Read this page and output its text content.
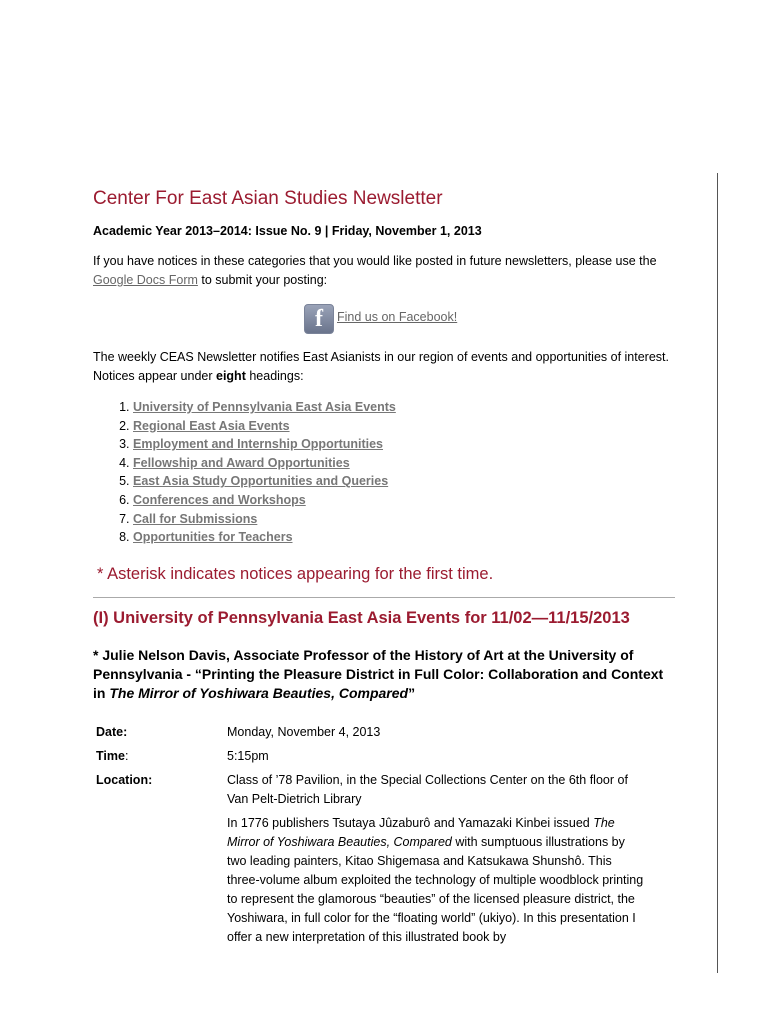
Center For East Asian Studies Newsletter
Academic Year 2013–2014: Issue No. 9 | Friday, November 1, 2013

If you have notices in these categories that you would like posted in future newsletters, please use the Google Docs Form to submit your posting:

f Find us on Facebook!

The weekly CEAS Newsletter notifies East Asianists in our region of events and opportunities of interest. Notices appear under eight headings:

1. University of Pennsylvania East Asia Events
2. Regional East Asia Events
3. Employment and Internship Opportunities
4. Fellowship and Award Opportunities
5. East Asia Study Opportunities and Queries
6. Conferences and Workshops
7. Call for Submissions
8. Opportunities for Teachers
* Asterisk indicates notices appearing for the first time.
(I) University of Pennsylvania East Asia Events for 11/02—11/15/2013
* Julie Nelson Davis, Associate Professor of the History of Art at the University of Pennsylvania - “Printing the Pleasure District in Full Color: Collaboration and Context in The Mirror of Yoshiwara Beauties, Compared”
Date:	Monday, November 4, 2013
Time:	5:15pm
Location:	Class of ’78 Pavilion, in the Special Collections Center on the 6th floor of Van Pelt-Dietrich Library
	In 1776 publishers Tsutaya Jûzaburô and Yamazaki Kinbei issued The Mirror of Yoshiwara Beauties, Compared with sumptuous illustrations by two leading painters, Kitao Shigemasa and Katsukawa Shunshô. This three-volume album exploited the technology of multiple woodblock printing to represent the glamorous “beauties” of the licensed pleasure district, the Yoshiwara, in full color for the “floating world” (ukiyo). In this presentation I offer a new interpretation of this illustrated book by
